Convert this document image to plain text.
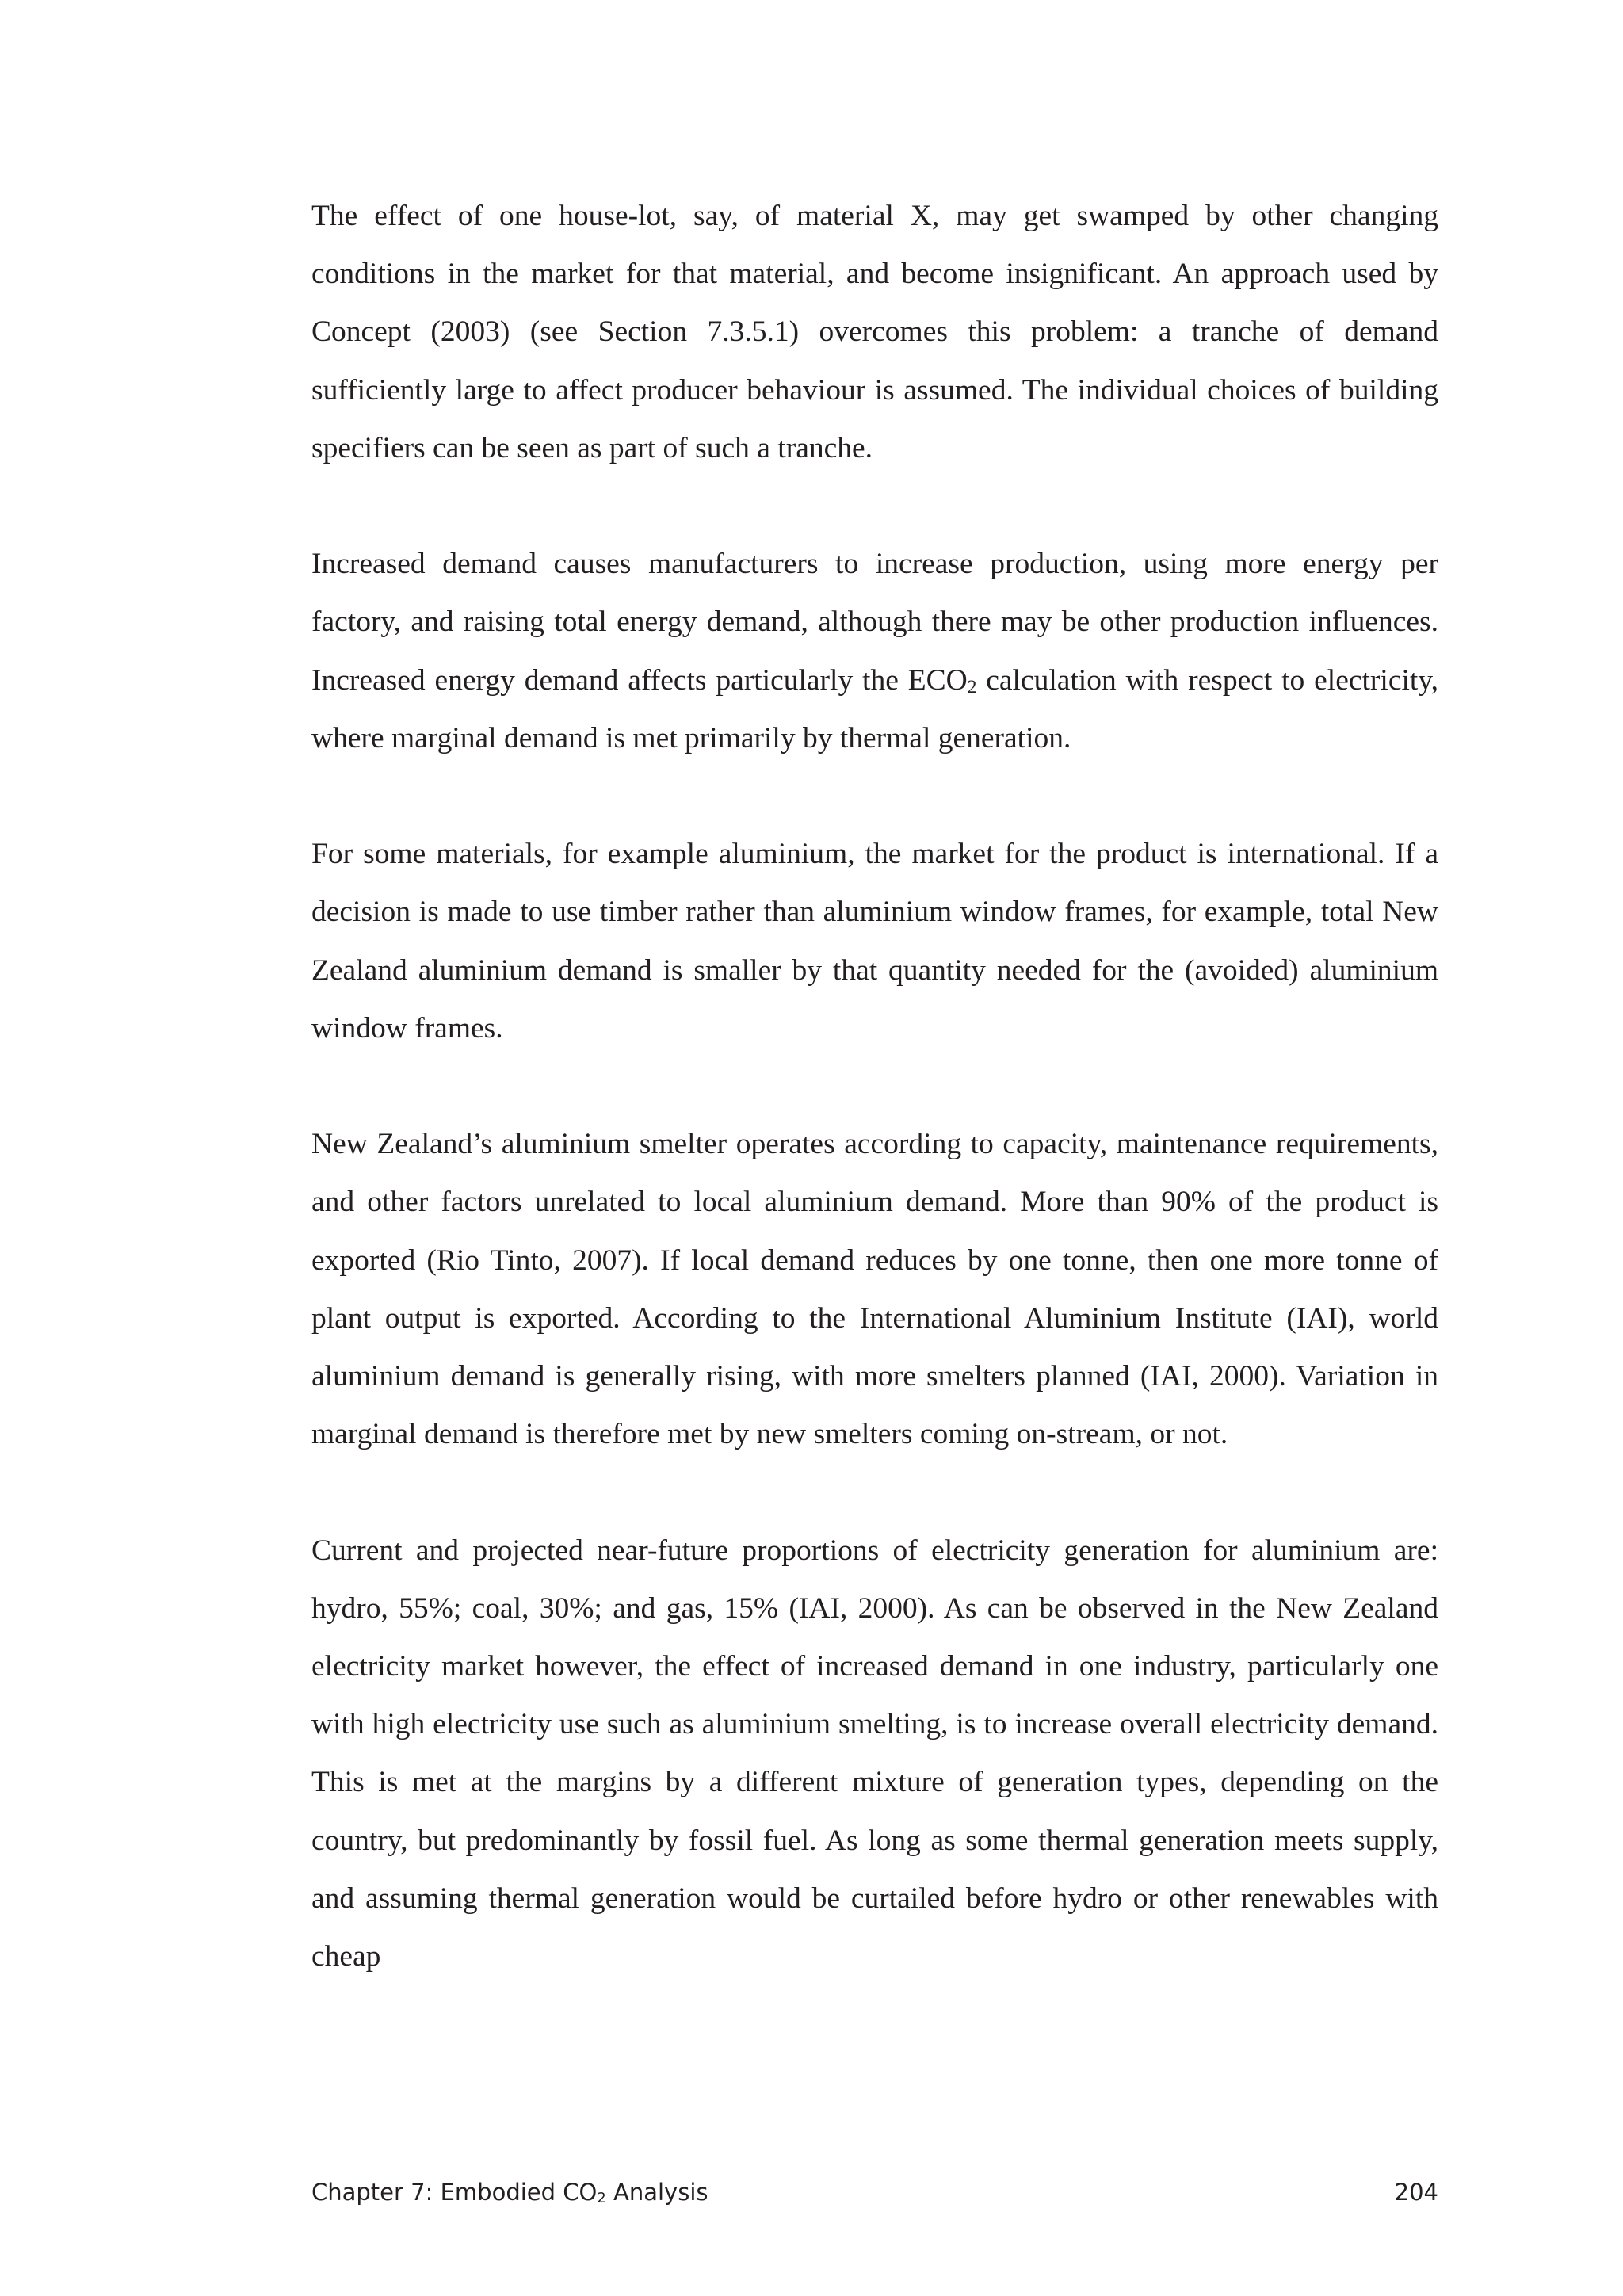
The effect of one house-lot, say, of material X, may get swamped by other changing conditions in the market for that material, and become insignificant. An approach used by Concept (2003) (see Section 7.3.5.1) overcomes this problem: a tranche of demand sufficiently large to affect producer behaviour is assumed. The individual choices of building specifiers can be seen as part of such a tranche.

Increased demand causes manufacturers to increase production, using more energy per factory, and raising total energy demand, although there may be other production influences. Increased energy demand affects particularly the $ECO_2$ calculation with respect to electricity, where marginal demand is met primarily by thermal generation.

For some materials, for example aluminium, the market for the product is international. If a decision is made to use timber rather than aluminium window frames, for example, total New Zealand aluminium demand is smaller by that quantity needed for the (avoided) aluminium window frames.

New Zealand’s aluminium smelter operates according to capacity, maintenance requirements, and other factors unrelated to local aluminium demand. More than 90% of the product is exported (Rio Tinto, 2007). If local demand reduces by one tonne, then one more tonne of plant output is exported. According to the International Aluminium Institute (IAI), world aluminium demand is generally rising, with more smelters planned (IAI, 2000). Variation in marginal demand is therefore met by new smelters coming on-stream, or not.

Current and projected near-future proportions of electricity generation for aluminium are: hydro, 55%; coal, 30%; and gas, 15% (IAI, 2000). As can be observed in the New Zealand electricity market however, the effect of increased demand in one industry, particularly one with high electricity use such as aluminium smelting, is to increase overall electricity demand. This is met at the margins by a different mixture of generation types, depending on the country, but predominantly by fossil fuel. As long as some thermal generation meets supply, and assuming thermal generation would be curtailed before hydro or other renewables with cheap

Chapter 7: Embodied $CO_2$ Analysis	204
